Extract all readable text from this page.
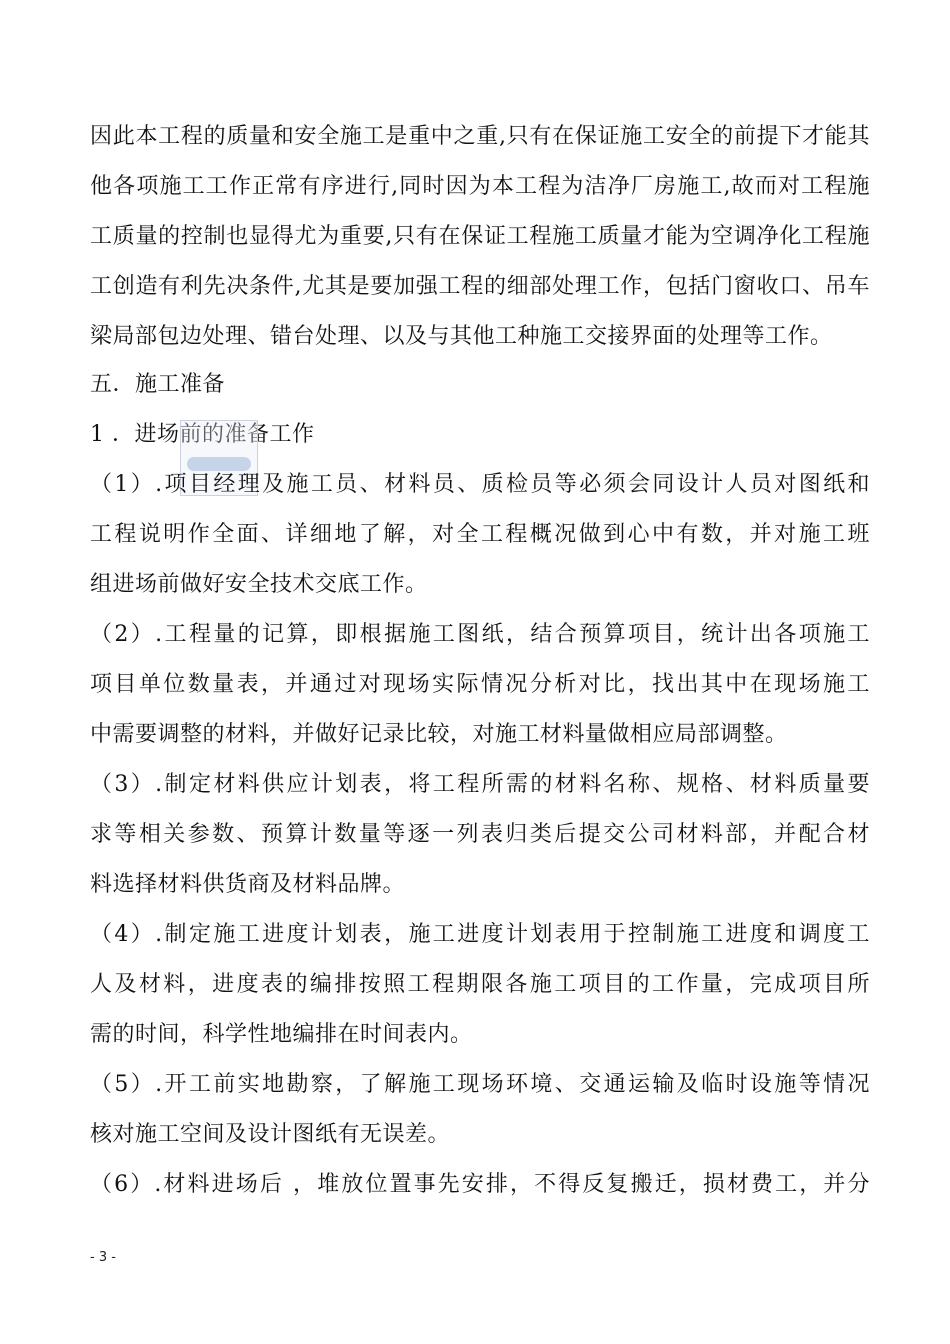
因此本工程的质量和安全施工是重中之重,只有在保证施工安全的前提下才能其
他各项施工工作正常有序进行,同时因为本工程为洁净厂房施工,故而对工程施
工质量的控制也显得尤为重要,只有在保证工程施工质量才能为空调净化工程施
工创造有利先决条件,尤其是要加强工程的细部处理工作，包括门窗收口、吊车
梁局部包边处理、错台处理、以及与其他工种施工交接界面的处理等工作。
五．施工准备
1 ．进场前的准备工作
（1）.项目经理及施工员、材料员、质检员等必须会同设计人员对图纸和
工程说明作全面、详细地了解，对全工程概况做到心中有数，并对施工班
组进场前做好安全技术交底工作。
（2）.工程量的记算，即根据施工图纸，结合预算项目，统计出各项施工
项目单位数量表，并通过对现场实际情况分析对比，找出其中在现场施工
中需要调整的材料，并做好记录比较，对施工材料量做相应局部调整。
（3）.制定材料供应计划表，将工程所需的材料名称、规格、材料质量要
求等相关参数、预算计数量等逐一列表归类后提交公司材料部，并配合材
料选择材料供货商及材料品牌。
（4）.制定施工进度计划表，施工进度计划表用于控制施工进度和调度工
人及材料，进度表的编排按照工程期限各施工项目的工作量，完成项目所
需的时间，科学性地编排在时间表内。
（5）.开工前实地勘察，了解施工现场环境、交通运输及临时设施等情况
核对施工空间及设计图纸有无误差。
（6）.材料进场后 ，堆放位置事先安排，不得反复搬迁，损材费工，并分
- 3 -
